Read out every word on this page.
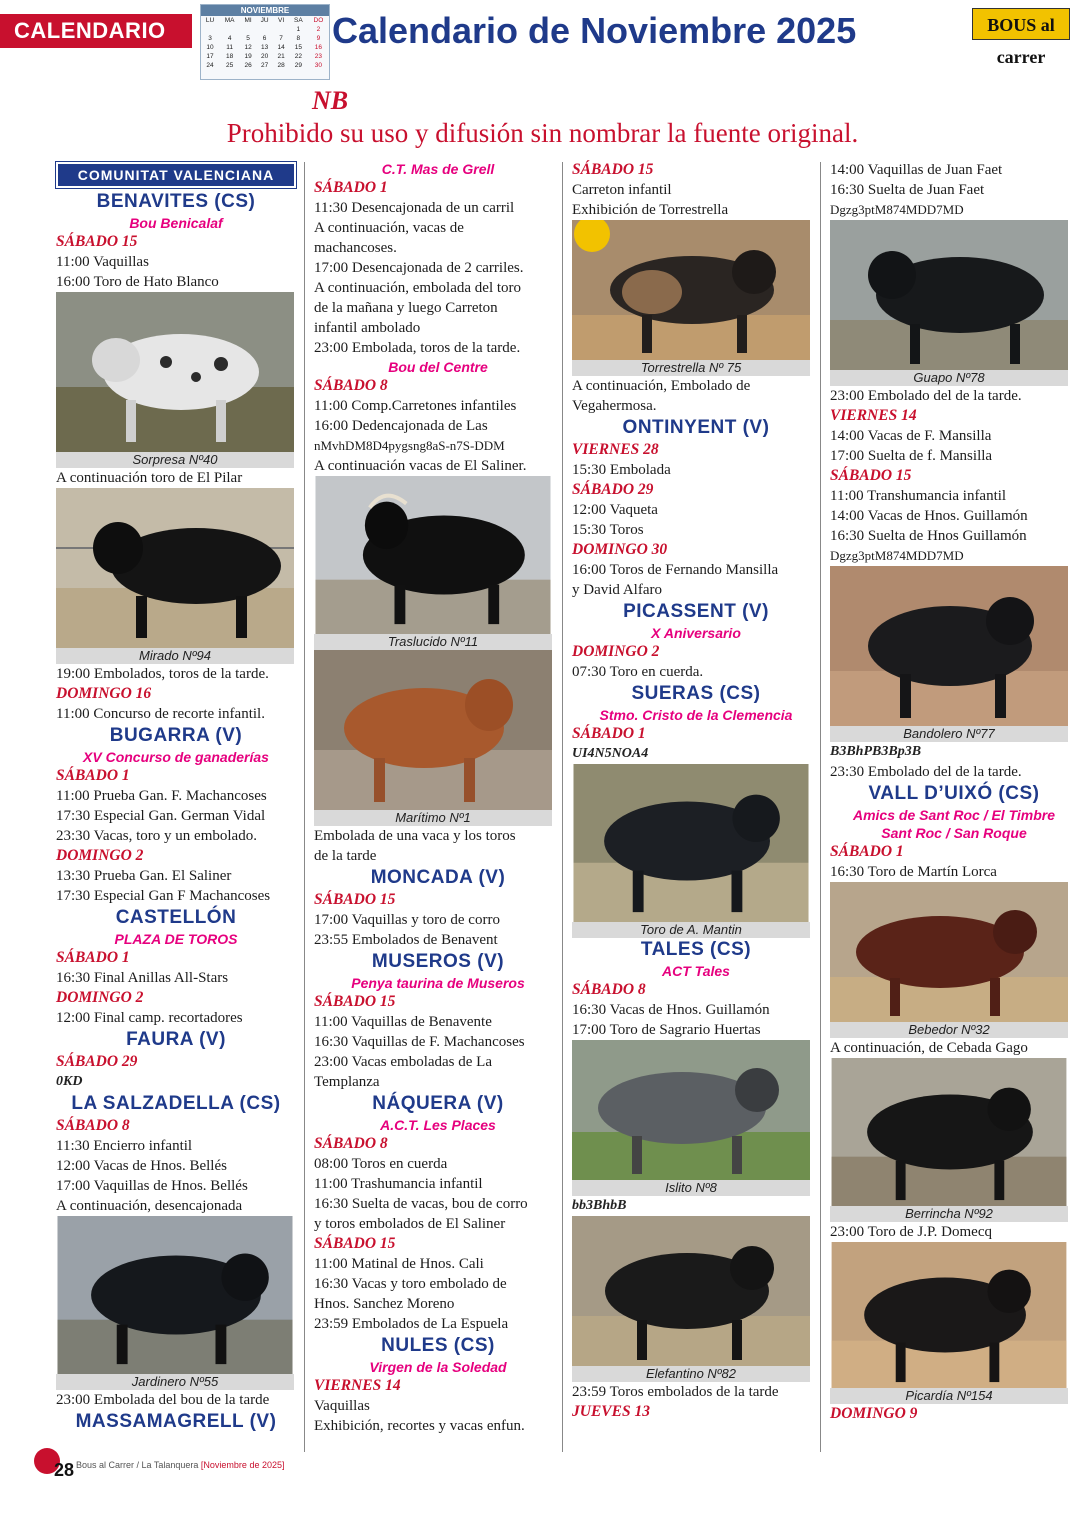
CALENDARIO
NOVIEMBRE
LU	MA	MI	JU	VI	SA	DO
					1	2
3	4	5	6	7	8	9
10	11	12	13	14	15	16
17	18	19	20	21	22	23
24	25	26	27	28	29	30
Calendario de Noviembre 2025	BOUS al carrer
NB
Prohibido su uso y difusión sin nombrar la fuente original.
COMUNITAT VALENCIANA
BENAVITES (CS)
Bou Benicalaf
SÁBADO 15
11:00 Vaquillas
16:00 Toro de Hato Blanco
Sorpresa Nº40
A continuación toro de El Pilar
Mirado Nº94
19:00 Embolados, toros de la tarde.
DOMINGO 16
11:00 Concurso de recorte infantil.
BUGARRA (V)
XV Concurso de ganaderías
SÁBADO 1
11:00 Prueba Gan. F. Machancoses
17:30 Especial Gan. German Vidal
23:30 Vacas, toro y un embolado.
DOMINGO 2
13:30 Prueba Gan. El Saliner
17:30 Especial Gan F Machancoses
CASTELLÓN
PLAZA DE TOROS
SÁBADO 1
16:30 Final Anillas All-Stars
DOMINGO 2
12:00 Final camp. recortadores
FAURA (V)
SÁBADO 29
0KD
LA SALZADELLA (CS)
SÁBADO 8
11:30 Encierro infantil
12:00 Vacas de Hnos. Bellés
17:00 Vaquillas de Hnos. Bellés
A continuación, desencajonada
Jardinero Nº55
23:00 Embolada del bou de la tarde
MASSAMAGRELL (V)
C.T. Mas de Grell
SÁBADO 1
11:30 Desencajonada de un carril
A continuación, vacas de
machancoses.
17:00 Desencajonada de 2 carriles.
A continuación, embolada del toro
de la mañana y luego Carreton
infantil ambolado
23:00 Embolada, toros de la tarde.
Bou del Centre
SÁBADO 8
11:00 Comp.Carretones infantiles
16:00 Dedencajonada de Las
nMvhDM8D4pygsng8aS-n7S-DDM
A continuación vacas de El Saliner.
Traslucido Nº11
Marítimo Nº1
Embolada de una vaca y los toros
de la tarde
MONCADA (V)
SÁBADO 15
17:00 Vaquillas y toro de corro
23:55 Embolados de Benavent
MUSEROS (V)
Penya taurina de Museros
SÁBADO 15
11:00 Vaquillas de Benavente
16:30 Vaquillas de F. Machancoses
23:00 Vacas emboladas de La
Templanza
NÁQUERA (V)
A.C.T. Les Places
SÁBADO 8
08:00 Toros en cuerda
11:00 Trashumancia infantil
16:30 Suelta de vacas, bou de corro
y toros embolados de El Saliner
SÁBADO 15
11:00 Matinal de Hnos. Cali
16:30 Vacas y toro embolado de
Hnos. Sanchez Moreno
23:59 Embolados de La Espuela
NULES (CS)
Virgen de la Soledad
VIERNES 14
Vaquillas
Exhibición, recortes y vacas enfun.
SÁBADO 15
Carreton infantil
Exhibición de Torrestrella
Torrestrella Nº 75
A continuación, Embolado de
Vegahermosa.
ONTINYENT (V)
VIERNES 28
15:30 Embolada
SÁBADO 29
12:00 Vaqueta
15:30 Toros
DOMINGO 30
16:00 Toros de Fernando Mansilla
y David Alfaro
PICASSENT (V)
X Aniversario
DOMINGO 2
07:30 Toro en cuerda.
SUERAS (CS)
Stmo. Cristo de la Clemencia
SÁBADO 1
UI4N5NOA4
Toro de A. Mantin
TALES (CS)
ACT Tales
SÁBADO 8
16:30 Vacas de Hnos. Guillamón
17:00 Toro de Sagrario Huertas
Islito Nº8
bb3BhbB
Elefantino Nº82
23:59 Toros embolados de la tarde
JUEVES 13
14:00 Vaquillas de Juan Faet
16:30 Suelta de Juan Faet
Dgzg3ptM874MDD7MD
Guapo Nº78
23:00 Embolado del de la tarde.
VIERNES 14
14:00 Vacas de F. Mansilla
17:00 Suelta de f. Mansilla
SÁBADO 15
11:00 Transhumancia infantil
14:00 Vacas de Hnos. Guillamón
16:30 Suelta de Hnos Guillamón
Dgzg3ptM874MDD7MD
Bandolero Nº77
B3BhPB3Bp3B
23:30 Embolado del de la tarde.
VALL D’UIXÓ (CS)
Amics de Sant Roc / El Timbre
Sant Roc / San Roque
SÁBADO 1
16:30 Toro de Martín Lorca
Bebedor Nº32
A continuación, de Cebada Gago
Berrincha Nº92
23:00 Toro de J.P. Domecq
Picardía Nº154
DOMINGO 9
28 Bous al Carrer / La Talanquera [Noviembre de 2025]
